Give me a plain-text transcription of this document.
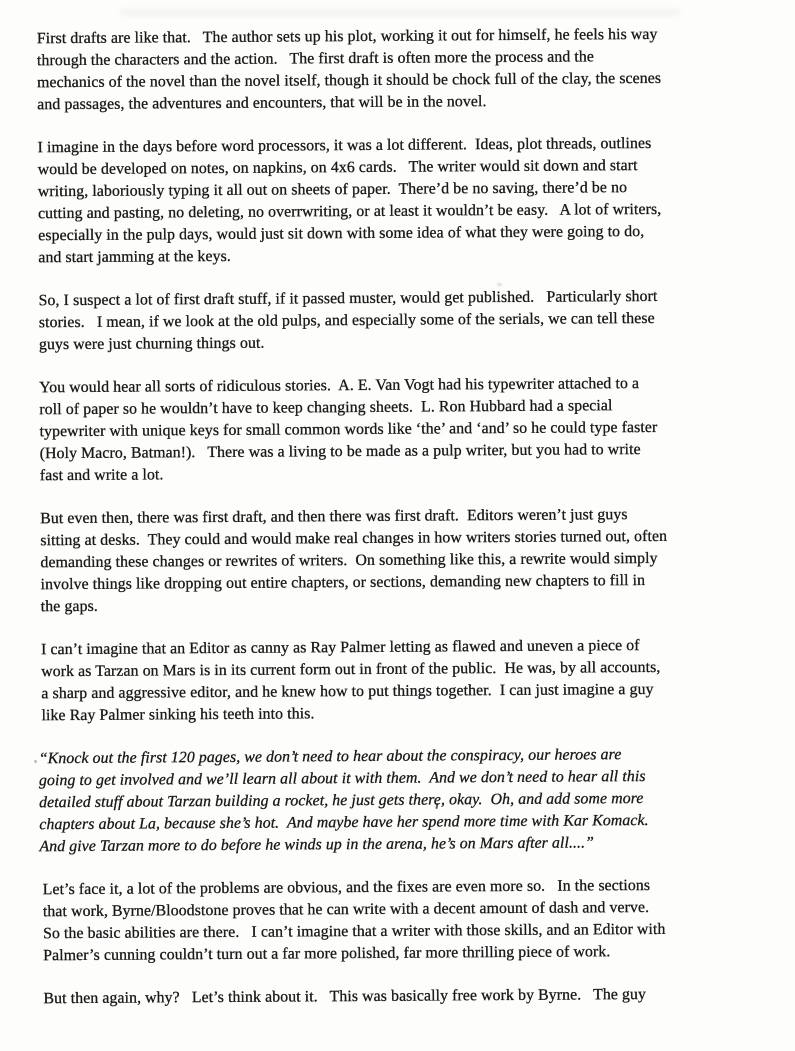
First drafts are like that.   The author sets up his plot, working it out for himself, he feels his way
through the characters and the action.   The first draft is often more the process and the
mechanics of the novel than the novel itself, though it should be chock full of the clay, the scenes
and passages, the adventures and encounters, that will be in the novel.

I imagine in the days before word processors, it was a lot different.  Ideas, plot threads, outlines
would be developed on notes, on napkins, on 4x6 cards.   The writer would sit down and start
writing, laboriously typing it all out on sheets of paper.  There’d be no saving, there’d be no
cutting and pasting, no deleting, no overrwriting, or at least it wouldn’t be easy.   A lot of writers,
especially in the pulp days, would just sit down with some idea of what they were going to do,
and start jamming at the keys.

So, I suspect a lot of first draft stuff, if it passed muster, would get published.   Particularly short
stories.   I mean, if we look at the old pulps, and especially some of the serials, we can tell these
guys were just churning things out.

You would hear all sorts of ridiculous stories.  A. E. Van Vogt had his typewriter attached to a
roll of paper so he wouldn’t have to keep changing sheets.  L. Ron Hubbard had a special
typewriter with unique keys for small common words like ‘the’ and ‘and’ so he could type faster
(Holy Macro, Batman!).   There was a living to be made as a pulp writer, but you had to write
fast and write a lot.

But even then, there was first draft, and then there was first draft.  Editors weren’t just guys
sitting at desks.  They could and would make real changes in how writers stories turned out, often
demanding these changes or rewrites of writers.  On something like this, a rewrite would simply
involve things like dropping out entire chapters, or sections, demanding new chapters to fill in
the gaps.

I can’t imagine that an Editor as canny as Ray Palmer letting as flawed and uneven a piece of
work as Tarzan on Mars is in its current form out in front of the public.  He was, by all accounts,
a sharp and aggressive editor, and he knew how to put things together.  I can just imagine a guy
like Ray Palmer sinking his teeth into this.

“Knock out the first 120 pages, we don’t need to hear about the conspiracy, our heroes are
going to get involved and we’ll learn all about it with them.  And we don’t need to hear all this
detailed stuff about Tarzan building a rocket, he just gets there, okay.  Oh, and add some more
chapters about La, because she’s hot.  And maybe have her spend more time with Kar Komack.
And give Tarzan more to do before he winds up in the arena, he’s on Mars after all....”

Let’s face it, a lot of the problems are obvious, and the fixes are even more so.   In the sections
that work, Byrne/Bloodstone proves that he can write with a decent amount of dash and verve.
So the basic abilities are there.   I can’t imagine that a writer with those skills, and an Editor with
Palmer’s cunning couldn’t turn out a far more polished, far more thrilling piece of work.

But then again, why?   Let’s think about it.   This was basically free work by Byrne.   The guy
